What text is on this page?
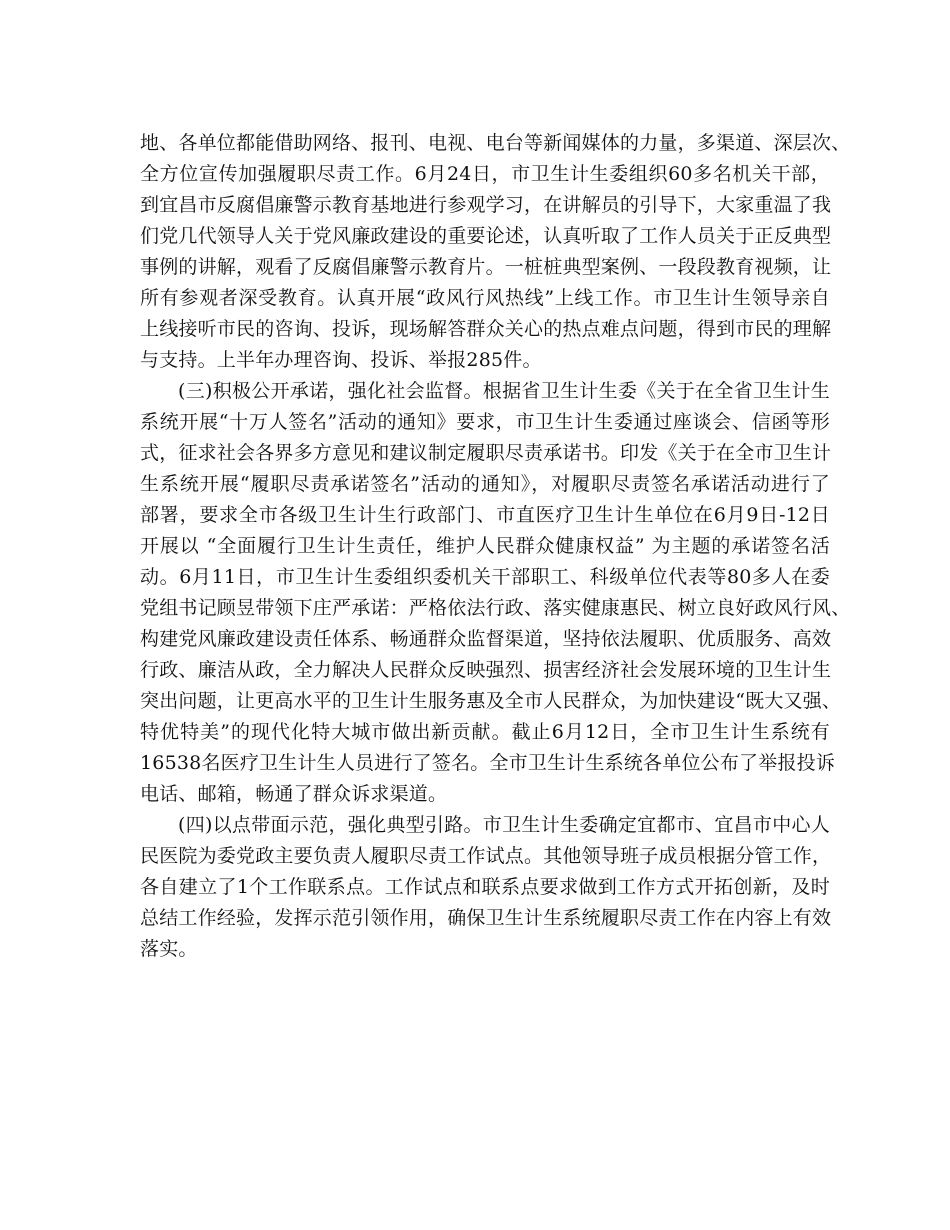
地、各单位都能借助网络、报刊、电视、电台等新闻媒体的力量，多渠道、深层次、
全方位宣传加强履职尽责工作。6月24日，市卫生计生委组织60多名机关干部，
到宜昌市反腐倡廉警示教育基地进行参观学习，在讲解员的引导下，大家重温了我
们党几代领导人关于党风廉政建设的重要论述，认真听取了工作人员关于正反典型
事例的讲解，观看了反腐倡廉警示教育片。一桩桩典型案例、一段段教育视频，让
所有参观者深受教育。认真开展“政风行风热线”上线工作。市卫生计生领导亲自
上线接听市民的咨询、投诉，现场解答群众关心的热点难点问题，得到市民的理解
与支持。上半年办理咨询、投诉、举报285件。
(三)积极公开承诺，强化社会监督。根据省卫生计生委《关于在全省卫生计生
系统开展“十万人签名”活动的通知》要求，市卫生计生委通过座谈会、信函等形
式，征求社会各界多方意见和建议制定履职尽责承诺书。印发《关于在全市卫生计
生系统开展“履职尽责承诺签名”活动的通知》，对履职尽责签名承诺活动进行了
部署，要求全市各级卫生计生行政部门、市直医疗卫生计生单位在6月9日-12日
开展以 “全面履行卫生计生责任，维护人民群众健康权益” 为主题的承诺签名活
动。6月11日，市卫生计生委组织委机关干部职工、科级单位代表等80多人在委
党组书记顾昱带领下庄严承诺：严格依法行政、落实健康惠民、树立良好政风行风、
构建党风廉政建设责任体系、畅通群众监督渠道，坚持依法履职、优质服务、高效
行政、廉洁从政，全力解决人民群众反映强烈、损害经济社会发展环境的卫生计生
突出问题，让更高水平的卫生计生服务惠及全市人民群众，为加快建设“既大又强、
特优特美”的现代化特大城市做出新贡献。截止6月12日，全市卫生计生系统有
16538名医疗卫生计生人员进行了签名。全市卫生计生系统各单位公布了举报投诉
电话、邮箱，畅通了群众诉求渠道。
(四)以点带面示范，强化典型引路。市卫生计生委确定宜都市、宜昌市中心人
民医院为委党政主要负责人履职尽责工作试点。其他领导班子成员根据分管工作，
各自建立了1个工作联系点。工作试点和联系点要求做到工作方式开拓创新，及时
总结工作经验，发挥示范引领作用，确保卫生计生系统履职尽责工作在内容上有效
落实。
